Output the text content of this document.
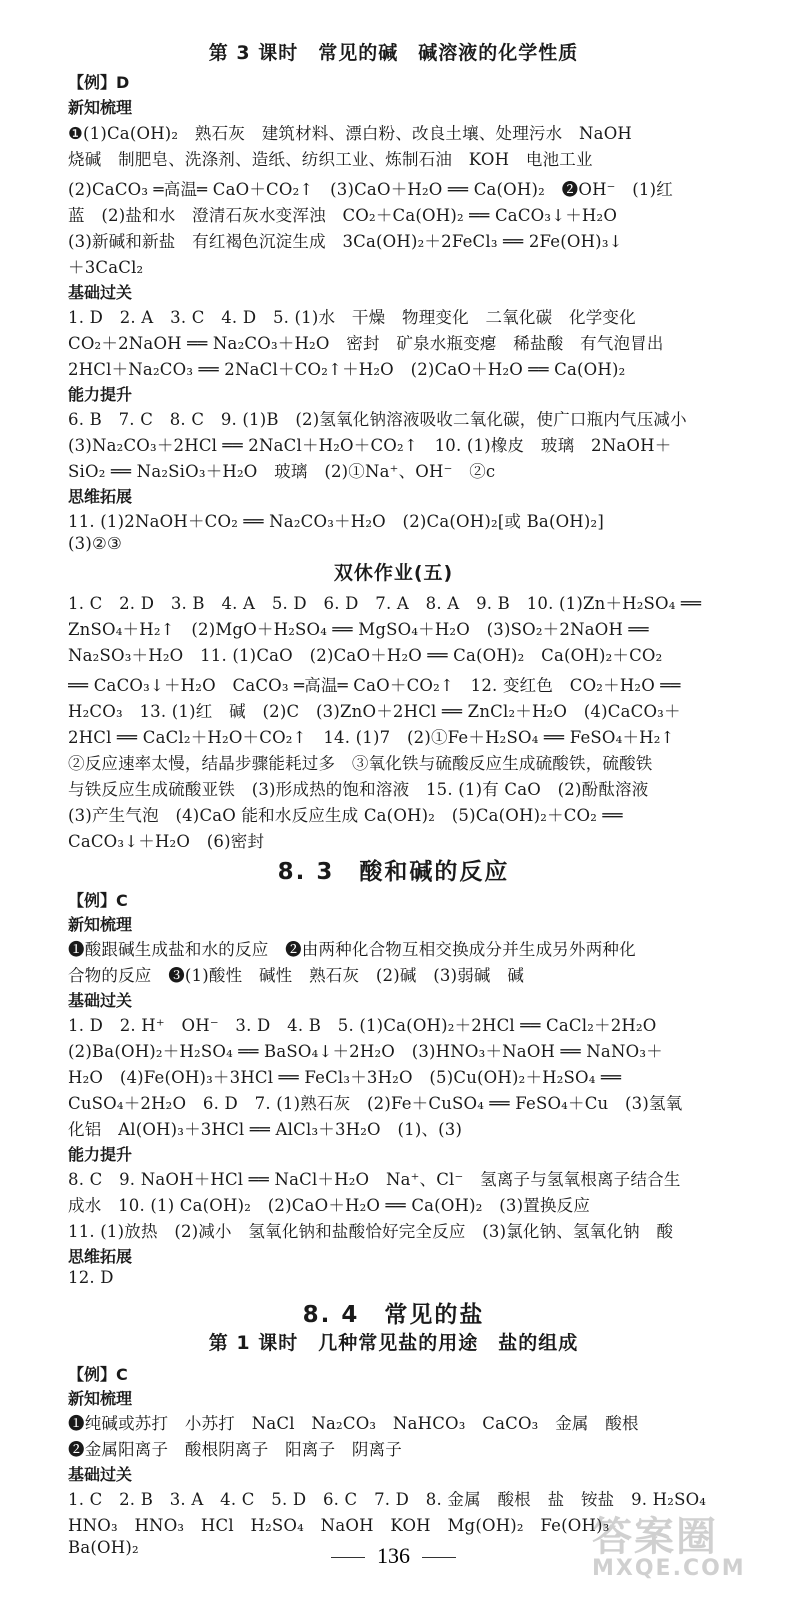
第 3 课时　常见的碱　碱溶液的化学性质
【例】D
新知梳理
❶(1)Ca(OH)₂　熟石灰　建筑材料、漂白粉、改良土壤、处理污水　NaOH
烧碱　制肥皂、洗涤剂、造纸、纺织工业、炼制石油　KOH　电池工业
(2)CaCO₃ ═高温═ CaO＋CO₂↑　(3)CaO＋H₂O ══ Ca(OH)₂　❷OH⁻　(1)红
蓝　(2)盐和水　澄清石灰水变浑浊　CO₂＋Ca(OH)₂ ══ CaCO₃↓＋H₂O
(3)新碱和新盐　有红褐色沉淀生成　3Ca(OH)₂＋2FeCl₃ ══ 2Fe(OH)₃↓
＋3CaCl₂
基础过关
1. D　2. A　3. C　4. D　5. (1)水　干燥　物理变化　二氧化碳　化学变化
CO₂＋2NaOH ══ Na₂CO₃＋H₂O　密封　矿泉水瓶变瘪　稀盐酸　有气泡冒出
2HCl＋Na₂CO₃ ══ 2NaCl＋CO₂↑＋H₂O　(2)CaO＋H₂O ══ Ca(OH)₂
能力提升
6. B　7. C　8. C　9. (1)B　(2)氢氧化钠溶液吸收二氧化碳，使广口瓶内气压减小
(3)Na₂CO₃＋2HCl ══ 2NaCl＋H₂O＋CO₂↑　10. (1)橡皮　玻璃　2NaOH＋
SiO₂ ══ Na₂SiO₃＋H₂O　玻璃　(2)①Na⁺、OH⁻　②c
思维拓展
11. (1)2NaOH＋CO₂ ══ Na₂CO₃＋H₂O　(2)Ca(OH)₂[或 Ba(OH)₂]
(3)②③
双休作业(五)
1. C　2. D　3. B　4. A　5. D　6. D　7. A　8. A　9. B　10. (1)Zn＋H₂SO₄ ══
ZnSO₄＋H₂↑　(2)MgO＋H₂SO₄ ══ MgSO₄＋H₂O　(3)SO₂＋2NaOH ══
Na₂SO₃＋H₂O　11. (1)CaO　(2)CaO＋H₂O ══ Ca(OH)₂　Ca(OH)₂＋CO₂
══ CaCO₃↓＋H₂O　CaCO₃ ═高温═ CaO＋CO₂↑　12. 变红色　CO₂＋H₂O ══
H₂CO₃　13. (1)红　碱　(2)C　(3)ZnO＋2HCl ══ ZnCl₂＋H₂O　(4)CaCO₃＋
2HCl ══ CaCl₂＋H₂O＋CO₂↑　14. (1)7　(2)①Fe＋H₂SO₄ ══ FeSO₄＋H₂↑
②反应速率太慢，结晶步骤能耗过多　③氧化铁与硫酸反应生成硫酸铁，硫酸铁
与铁反应生成硫酸亚铁　(3)形成热的饱和溶液　15. (1)有 CaO　(2)酚酞溶液
(3)产生气泡　(4)CaO 能和水反应生成 Ca(OH)₂　(5)Ca(OH)₂＋CO₂ ══
CaCO₃↓＋H₂O　(6)密封
8. 3　酸和碱的反应
【例】C
新知梳理
❶酸跟碱生成盐和水的反应　❷由两种化合物互相交换成分并生成另外两种化
合物的反应　❸(1)酸性　碱性　熟石灰　(2)碱　(3)弱碱　碱
基础过关
1. D　2. H⁺　OH⁻　3. D　4. B　5. (1)Ca(OH)₂＋2HCl ══ CaCl₂＋2H₂O
(2)Ba(OH)₂＋H₂SO₄ ══ BaSO₄↓＋2H₂O　(3)HNO₃＋NaOH ══ NaNO₃＋
H₂O　(4)Fe(OH)₃＋3HCl ══ FeCl₃＋3H₂O　(5)Cu(OH)₂＋H₂SO₄ ══
CuSO₄＋2H₂O　6. D　7. (1)熟石灰　(2)Fe＋CuSO₄ ══ FeSO₄＋Cu　(3)氢氧
化铝　Al(OH)₃＋3HCl ══ AlCl₃＋3H₂O　(1)、(3)
能力提升
8. C　9. NaOH＋HCl ══ NaCl＋H₂O　Na⁺、Cl⁻　氢离子与氢氧根离子结合生
成水　10. (1) Ca(OH)₂　(2)CaO＋H₂O ══ Ca(OH)₂　(3)置换反应
11. (1)放热　(2)减小　氢氧化钠和盐酸恰好完全反应　(3)氯化钠、氢氧化钠　酸
思维拓展
12. D
8. 4　常见的盐
第 1 课时　几种常见盐的用途　盐的组成
【例】C
新知梳理
❶纯碱或苏打　小苏打　NaCl　Na₂CO₃　NaHCO₃　CaCO₃　金属　酸根
❷金属阳离子　酸根阴离子　阳离子　阴离子
基础过关
1. C　2. B　3. A　4. C　5. D　6. C　7. D　8. 金属　酸根　盐　铵盐　9. H₂SO₄
HNO₃　HNO₃　HCl　H₂SO₄　NaOH　KOH　Mg(OH)₂　Fe(OH)₃
Ba(OH)₂	136	答案圈
MXQE.COM
